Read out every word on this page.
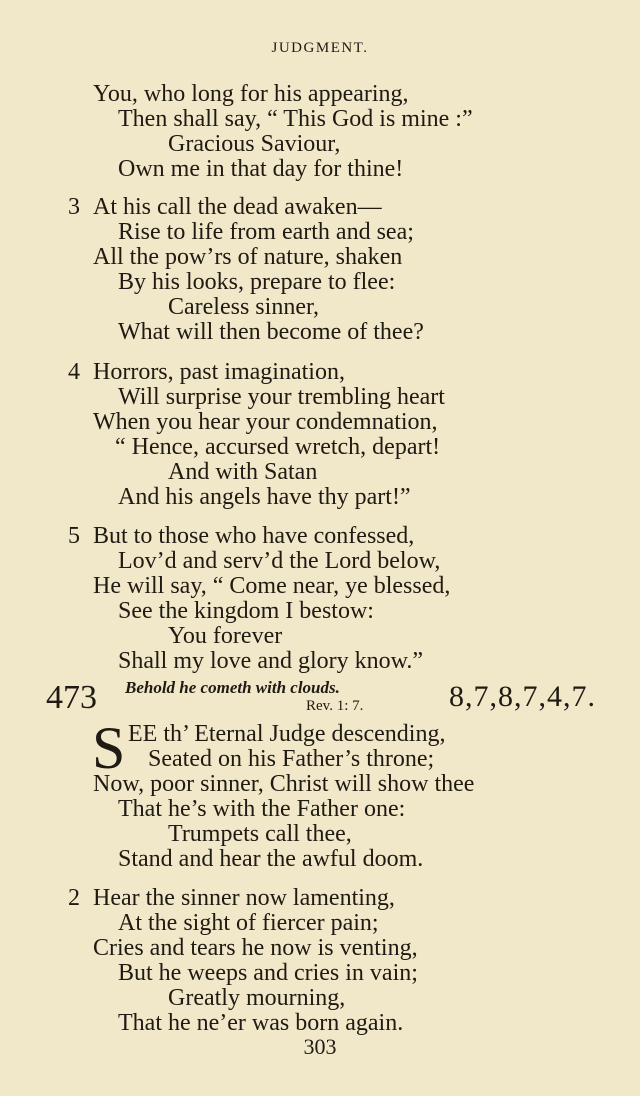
JUDGMENT.
You, who long for his appearing,
Then shall say, “ This God is mine :”
Gracious Saviour,
Own me in that day for thine!
3 At his call the dead awaken—
Rise to life from earth and sea;
All the pow’rs of nature, shaken
By his looks, prepare to flee:
Careless sinner,
What will then become of thee?
4 Horrors, past imagination,
Will surprise your trembling heart
When you hear your condemnation,
“ Hence, accursed wretch, depart!
And with Satan
And his angels have thy part!”
5 But to those who have confessed,
Lov’d and serv’d the Lord below,
He will say, “ Come near, ye blessed,
See the kingdom I bestow:
You forever
Shall my love and glory know.”
473 Behold he cometh with clouds.
Rev. 1: 7.	8,7,8,7,4,7.
S EE th’ Eternal Judge descending,
Seated on his Father’s throne;
Now, poor sinner, Christ will show thee
That he’s with the Father one:
Trumpets call thee,
Stand and hear the awful doom.
2 Hear the sinner now lamenting,
At the sight of fiercer pain;
Cries and tears he now is venting,
But he weeps and cries in vain;
Greatly mourning,
That he ne’er was born again.
303
